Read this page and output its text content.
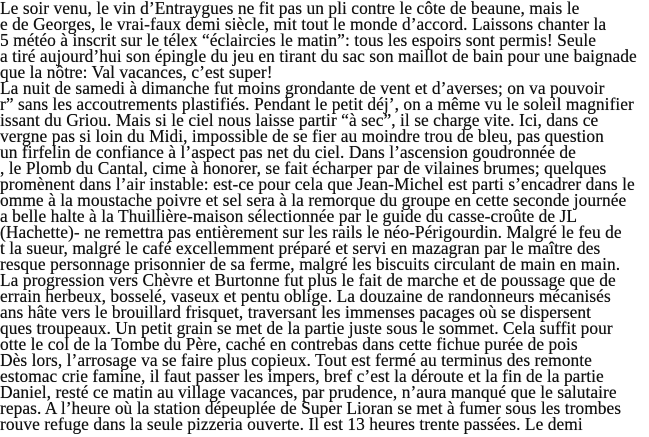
Le soir venu, le vin d’Entraygues ne fit pas un pli contre le côte de beaune, mais le
e de Georges, le vrai-faux demi siècle, mit tout le monde d’accord. Laissons chanter la
5 météo à inscrit sur le télex “éclaircies le matin”: tous les espoirs sont permis! Seule
a tiré aujourd’hui son épingle du jeu en tirant du sac son maillot de bain pour une baignade
que la nôtre: Val vacances, c’est super!
La nuit de samedi à dimanche fut moins grondante de vent et d’averses; on va pouvoir
r” sans les accoutrements plastifiés. Pendant le petit déj’, on a même vu le soleil magnifier
issant du Griou. Mais si le ciel nous laisse partir “à sec”, il se charge vite. Ici, dans ce
vergne pas si loin du Midi, impossible de se fier au moindre trou de bleu, pas question
un firfelin de confiance à l’aspect pas net du ciel. Dans l’ascension goudronnée de
, le Plomb du Cantal, cime à honorer, se fait écharper par de vilaines brumes; quelques
promènent dans l’air instable: est-ce pour cela que Jean-Michel est parti s’encadrer dans le
omme à la moustache poivre et sel sera à la remorque du groupe en cette seconde journée
a belle halte à la Thuillière-maison sélectionnée par le guide du casse-croûte de JL
(Hachette)- ne remettra pas entièrement sur les rails le néo-Périgourdin. Malgré le feu de
t la sueur, malgré le café excellemment préparé et servi en mazagran par le maître des
resque personnage prisonnier de sa ferme, malgré les biscuits circulant de main en main.
La progression vers Chèvre et Burtonne fut plus le fait de marche et de poussage que de
errain herbeux, bosselé, vaseux et pentu oblige. La douzaine de randonneurs mécanisés
ans hâte vers le brouillard frisquet, traversant les immenses pacages où se dispersent
ques troupeaux. Un petit grain se met de la partie juste sous le sommet. Cela suffit pour
otte le col de la Tombe du Père, caché en contrebas dans cette fichue purée de pois
Dès lors, l’arrosage va se faire plus copieux. Tout est fermé au terminus des remonte
estomac crie famine, il faut passer les impers, bref c’est la déroute et la fin de la partie
Daniel, resté ce matin au village vacances, par prudence, n’aura manqué que le salutaire
repas. A l’heure où la station dépeuplée de Super Lioran se met à fumer sous les trombes
rouve refuge dans la seule pizzeria ouverte. Il est 13 heures trente passées. Le demi
